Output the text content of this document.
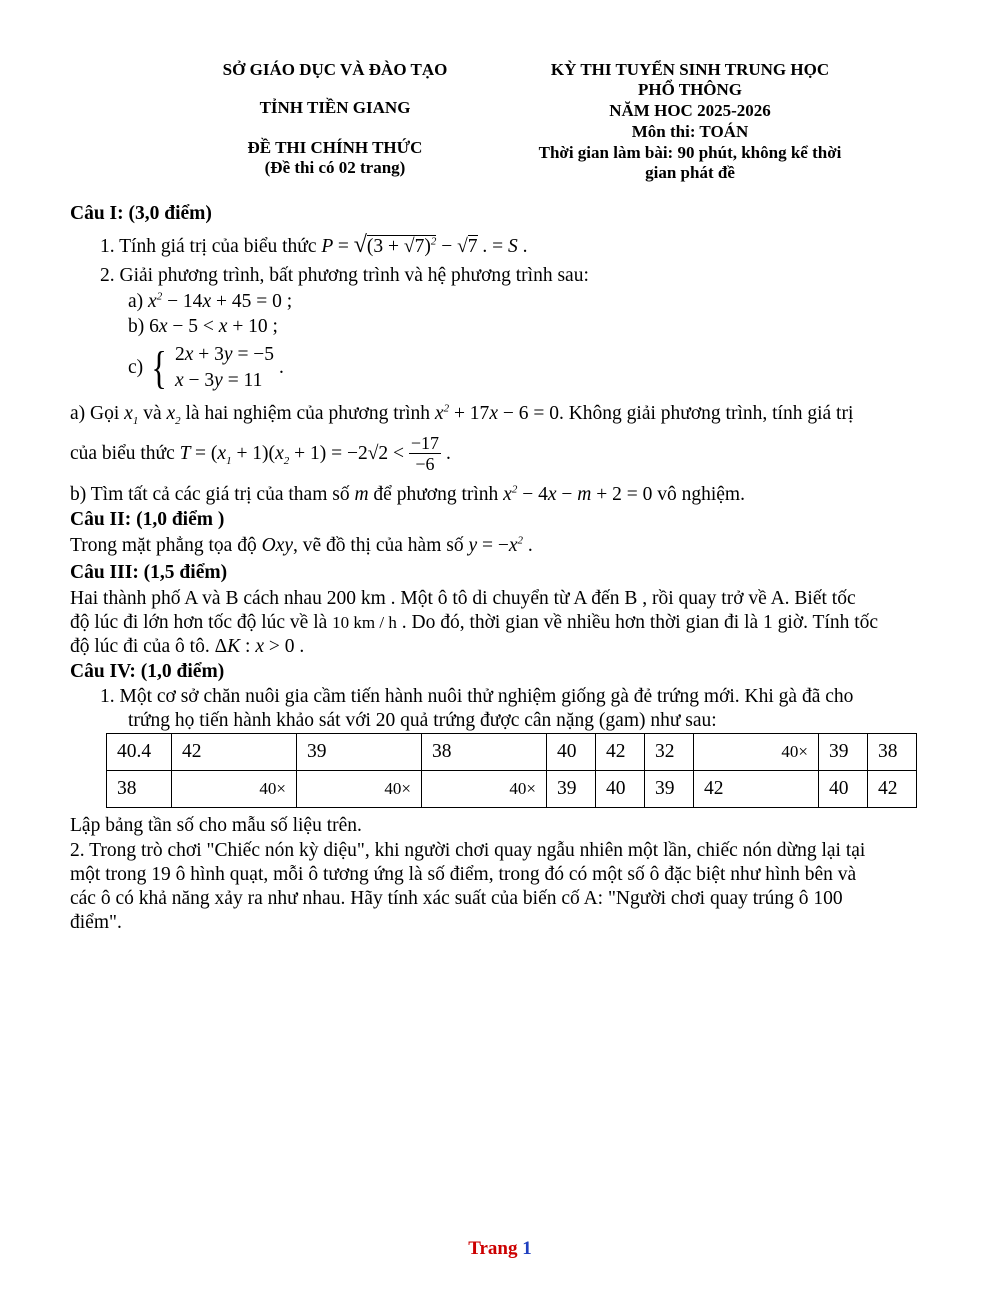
SỞ GIÁO DỤC VÀ ĐÀO TẠO
TỈNH TIỀN GIANG
ĐỀ THI CHÍNH THỨC
(Đề thi có 02 trang)
KỲ THI TUYỂN SINH TRUNG HỌC
PHỔ THÔNG
NĂM HOC 2025-2026
Môn thi: TOÁN
Thời gian làm bài: 90 phút, không kể thời
gian phát đề
Câu I: (3,0 điểm)
1. Tính giá trị của biểu thức $P = √(3 + √7)^2 - √7$ . = S .
2. Giải phương trình, bất phương trình và hệ phương trình sau:
a) $x^2 - 14x + 45 = 0$ ;
b) 6x − 5 < x + 10 ;
c) { 2x + 3y = −5
x − 3y = 11
.
a) Gọi $x_1$ và $x_2$ là hai nghiệm của phương trình $x^2 + 17x - 6 = 0$. Không giải phương trình, tính giá trị
của biểu thức $T = (x_1 + 1)(x_2 + 1) = -2√2 < \frac{-17}{-6}$ .
b) Tìm tất cả các giá trị của tham số m để phương trình $x^2 - 4x - m + 2 = 0$ vô nghiệm.
Câu II: (1,0 điểm )
Trong mặt phẳng tọa độ Oxy, vẽ đồ thị của hàm số $y = -x^2$ .
Câu III: (1,5 điểm)
Hai thành phố A và B cách nhau 200 km . Một ô tô di chuyển từ A đến B , rồi quay trở về A. Biết tốc
độ lúc đi lớn hơn tốc độ lúc về là 10 km / h . Do đó, thời gian về nhiều hơn thời gian đi là 1 giờ. Tính tốc
độ lúc đi của ô tô. ΔK : x > 0 .
Câu IV: (1,0 điểm)
1. Một cơ sở chăn nuôi gia cầm tiến hành nuôi thử nghiệm giống gà đẻ trứng mới. Khi gà đã cho
trứng họ tiến hành khảo sát với 20 quả trứng được cân nặng (gam) như sau:
40.4	42	39	38	40	42	32	40×	39	38
38	40×	40×	40×	39	40	39	42	40	42
Lập bảng tần số cho mẫu số liệu trên.
2. Trong trò chơi "Chiếc nón kỳ diệu", khi người chơi quay ngẫu nhiên một lần, chiếc nón dừng lại tại
một trong 19 ô hình quạt, mỗi ô tương ứng là số điểm, trong đó có một số ô đặc biệt như hình bên và
các ô có khả năng xảy ra như nhau. Hãy tính xác suất của biến cố A: "Người chơi quay trúng ô 100
điểm".
Trang 1
